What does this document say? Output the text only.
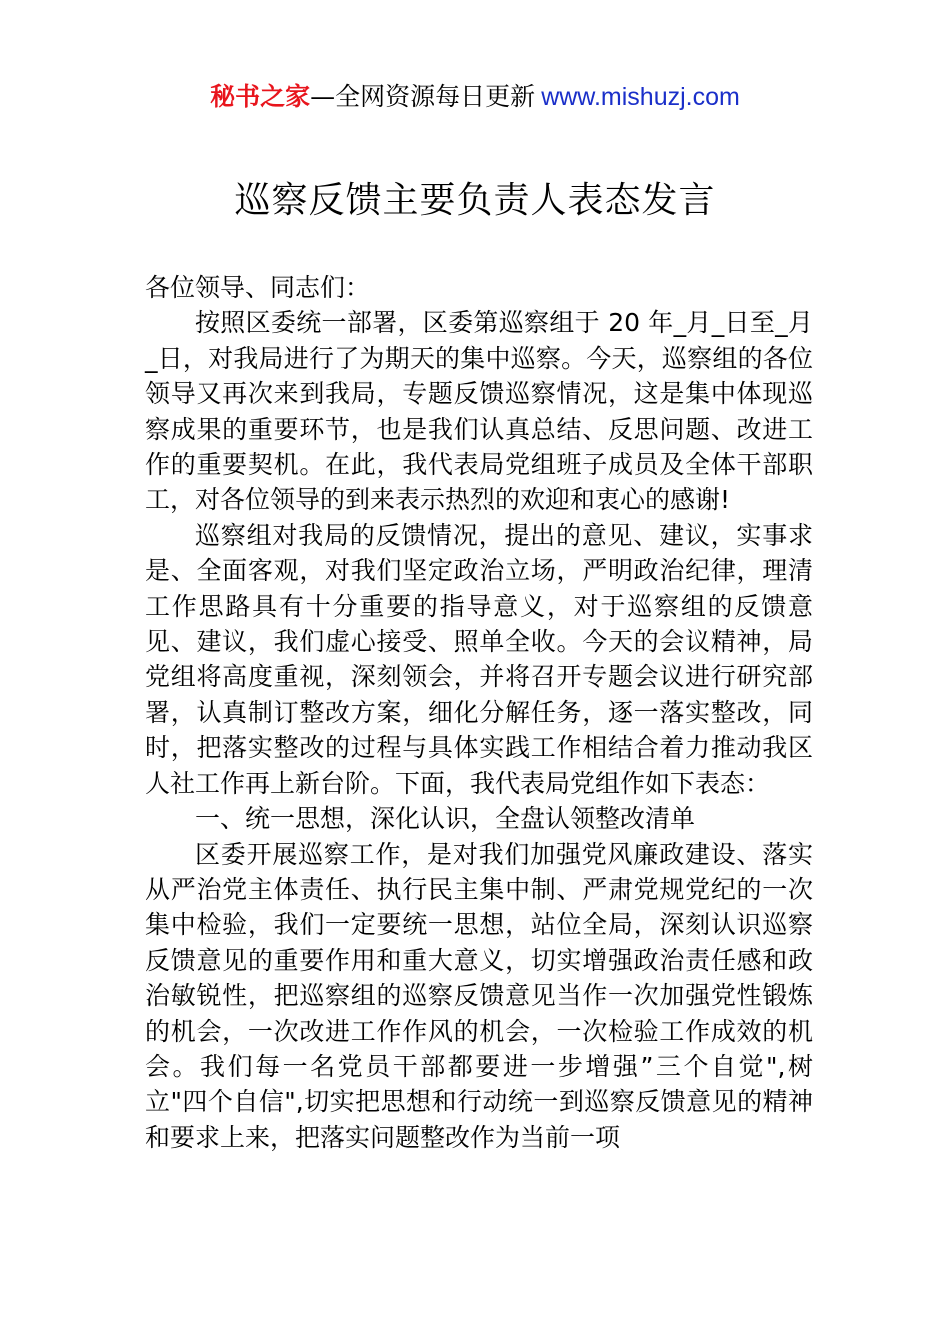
秘书之家—全网资源每日更新 www.mishuzj.com
巡察反馈主要负责人表态发言

各位领导、同志们：

按照区委统一部署，区委第巡察组于 20 年_月_日至_月_日，对我局进行了为期天的集中巡察。今天，巡察组的各位领导又再次来到我局，专题反馈巡察情况，这是集中体现巡察成果的重要环节，也是我们认真总结、反思问题、改进工作的重要契机。在此，我代表局党组班子成员及全体干部职工，对各位领导的到来表示热烈的欢迎和衷心的感谢!

巡察组对我局的反馈情况，提出的意见、建议，实事求是、全面客观，对我们坚定政治立场，严明政治纪律，理清工作思路具有十分重要的指导意义，对于巡察组的反馈意见、建议，我们虚心接受、照单全收。今天的会议精神，局党组将高度重视，深刻领会，并将召开专题会议进行研究部署，认真制订整改方案，细化分解任务，逐一落实整改，同时，把落实整改的过程与具体实践工作相结合着力推动我区人社工作再上新台阶。下面，我代表局党组作如下表态：

一、统一思想，深化认识，全盘认领整改清单

区委开展巡察工作，是对我们加强党风廉政建设、落实从严治党主体责任、执行民主集中制、严肃党规党纪的一次集中检验，我们一定要统一思想，站位全局，深刻认识巡察反馈意见的重要作用和重大意义，切实增强政治责任感和政治敏锐性，把巡察组的巡察反馈意见当作一次加强党性锻炼的机会，一次改进工作作风的机会，一次检验工作成效的机会。我们每一名党员干部都要进一步增强”三个自觉",树立"四个自信",切实把思想和行动统一到巡察反馈意见的精神和要求上来，把落实问题整改作为当前一项
